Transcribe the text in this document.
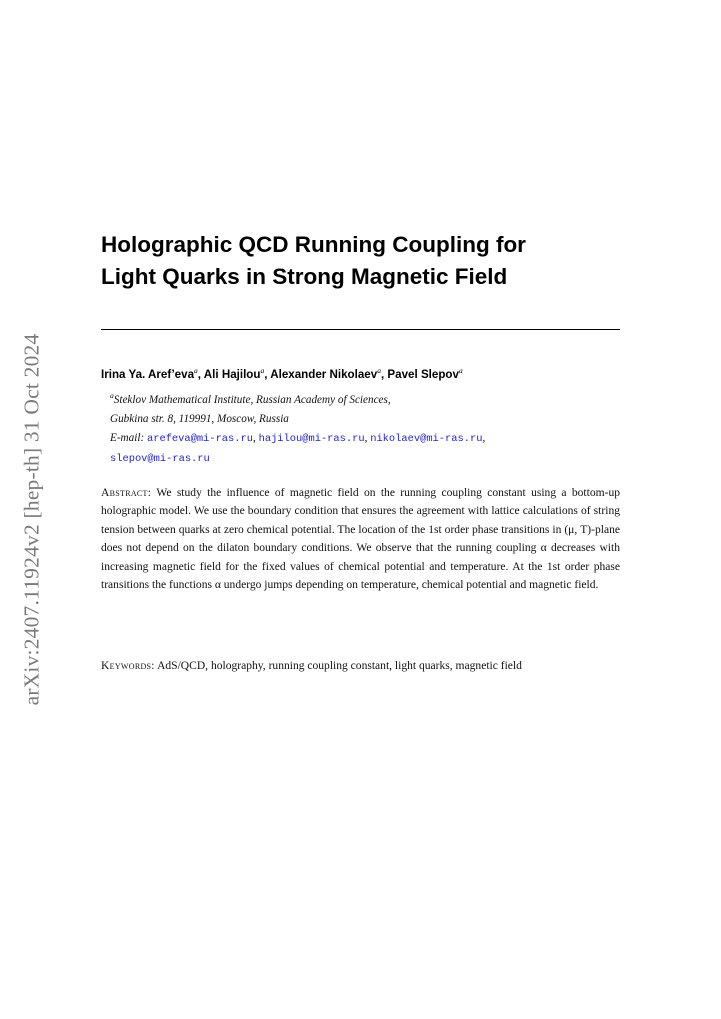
arXiv:2407.11924v2 [hep-th] 31 Oct 2024
Holographic QCD Running Coupling for
Light Quarks in Strong Magnetic Field
Irina Ya. Aref’eva$^a$, Ali Hajilou$^a$, Alexander Nikolaev$^a$, Pavel Slepov$^a$
$^a$Steklov Mathematical Institute, Russian Academy of Sciences,
Gubkina str. 8, 119991, Moscow, Russia
E-mail: arefeva@mi-ras.ru, hajilou@mi-ras.ru, nikolaev@mi-ras.ru,
slepov@mi-ras.ru

Abstract: We study the influence of magnetic field on the running coupling constant using a bottom-up holographic model. We use the boundary condition that ensures the agreement with lattice calculations of string tension between quarks at zero chemical potential. The location of the 1st order phase transitions in (μ, T)-plane does not depend on the dilaton boundary conditions. We observe that the running coupling α decreases with increasing magnetic field for the fixed values of chemical potential and temperature. At the 1st order phase transitions the functions α undergo jumps depending on temperature, chemical potential and magnetic field.

Keywords: AdS/QCD, holography, running coupling constant, light quarks, magnetic field
